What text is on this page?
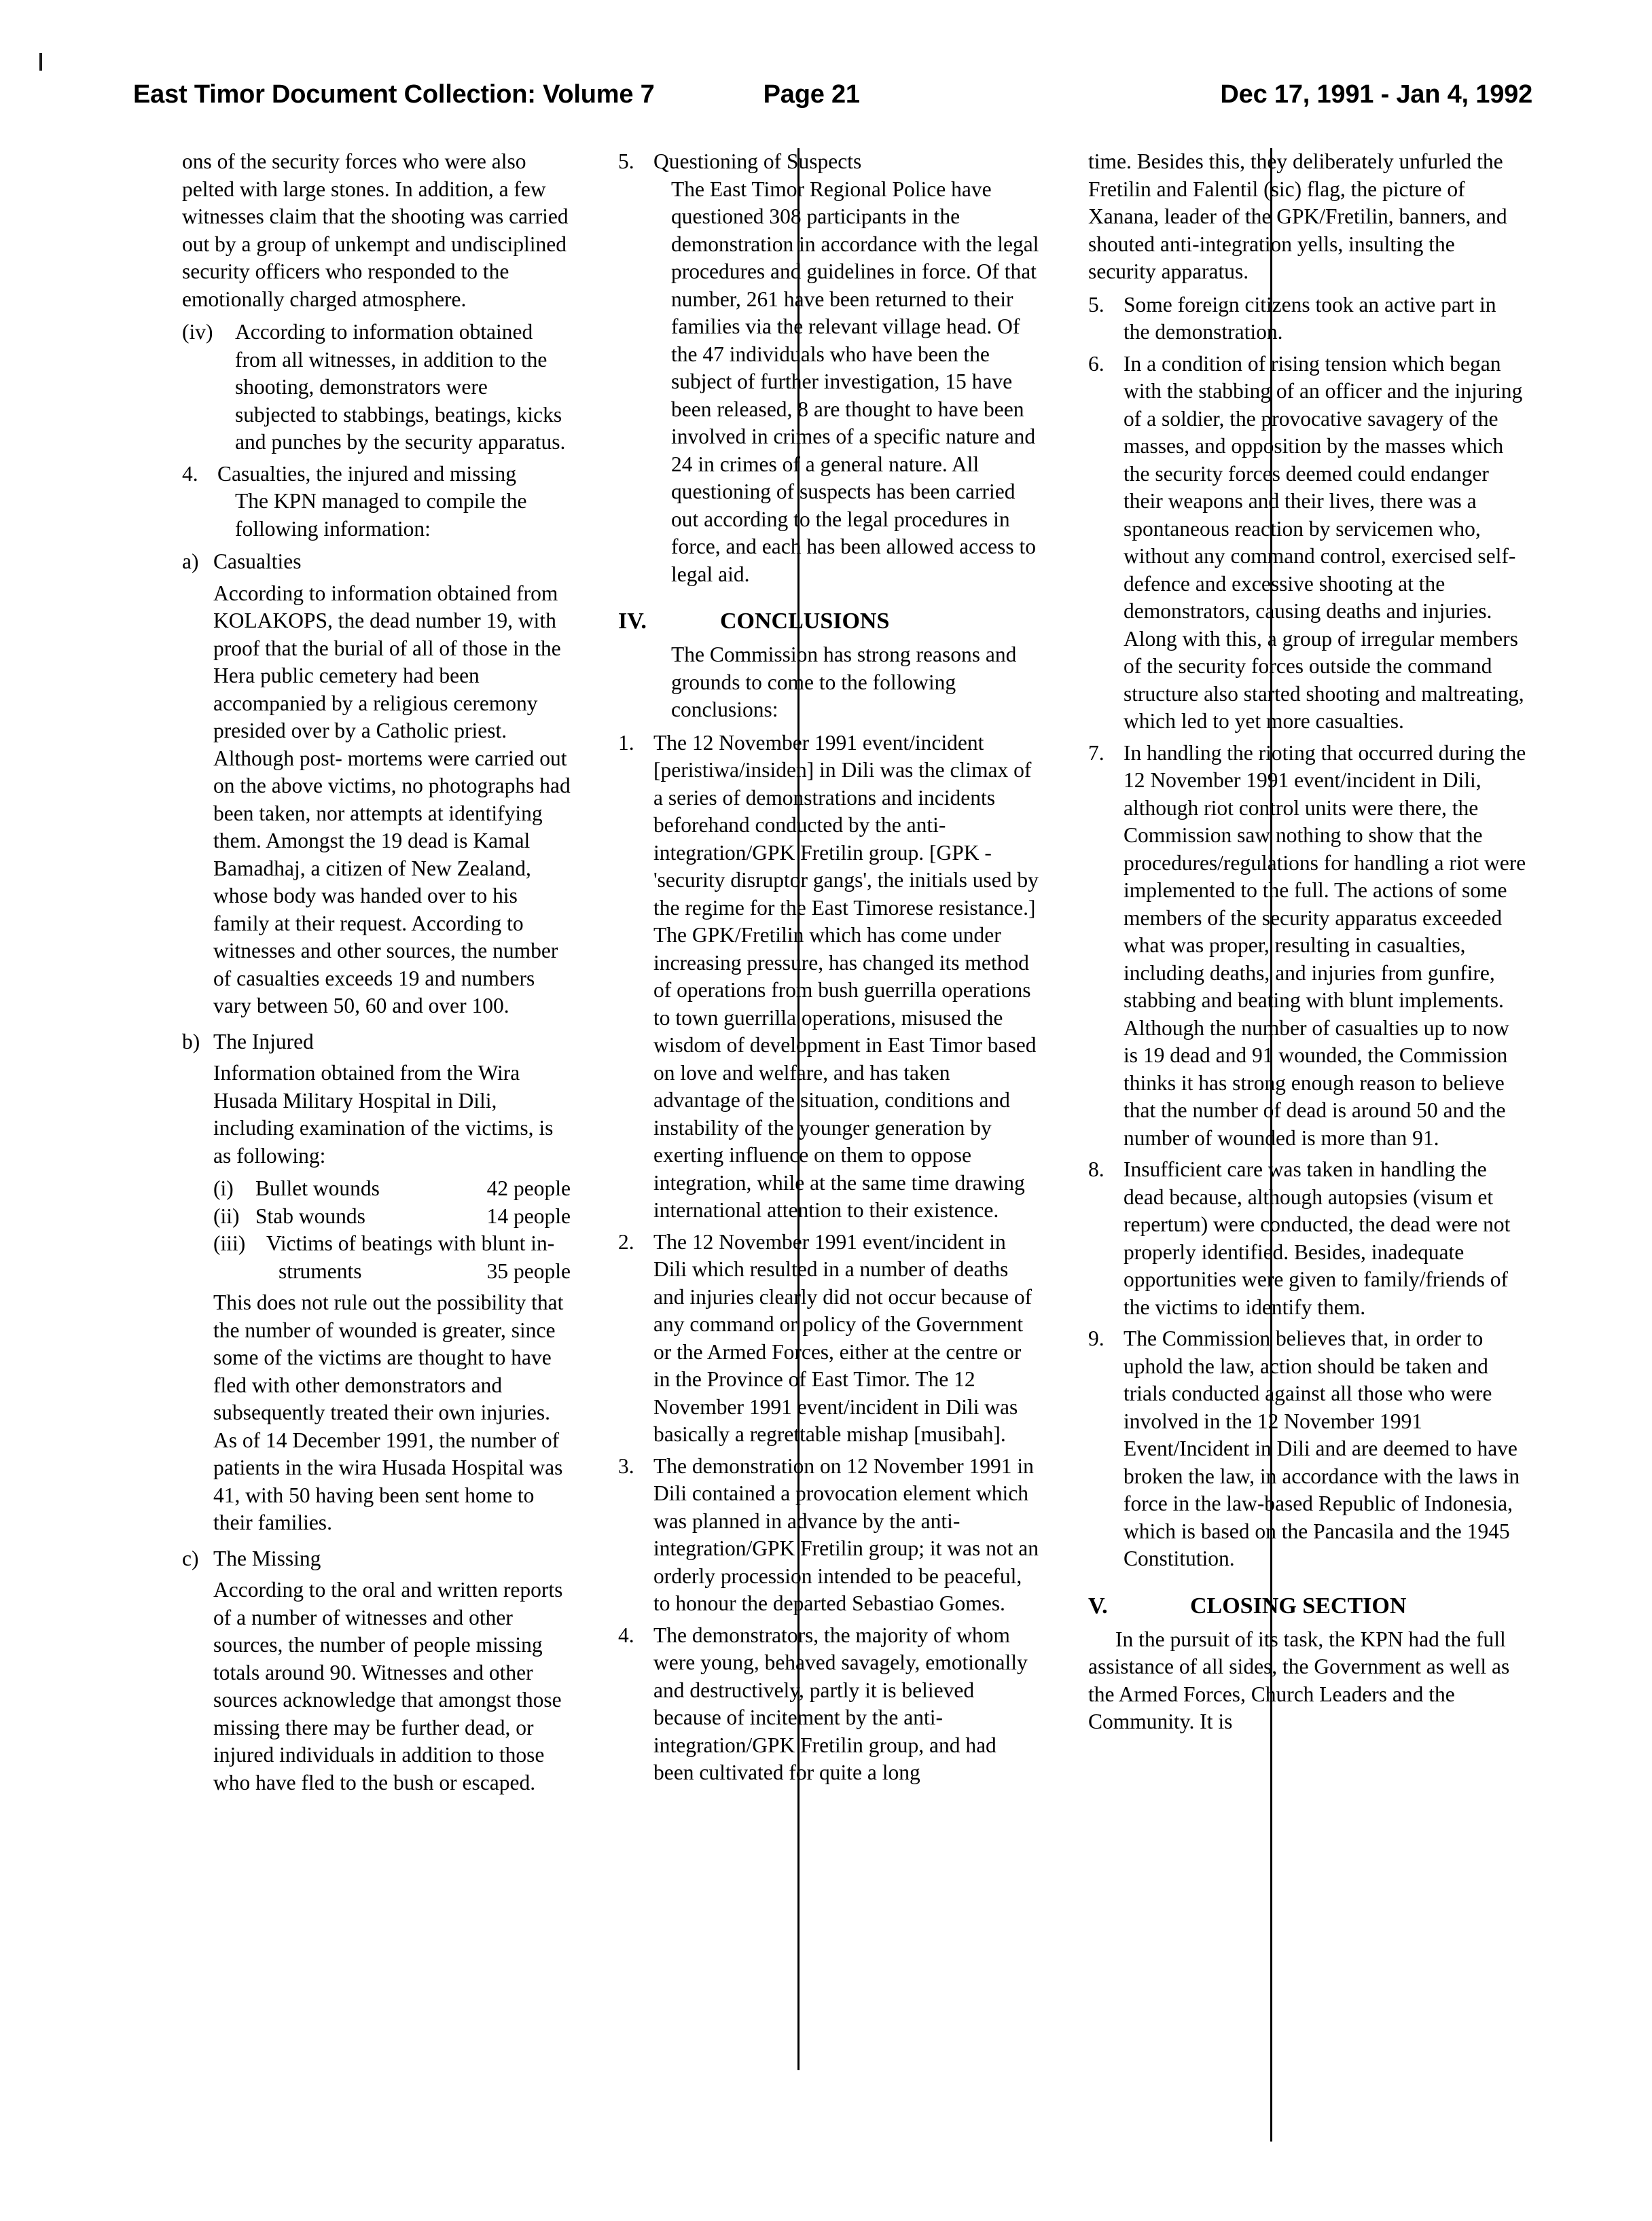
East Timor Document Collection: Volume 7	Page 21	Dec 17, 1991 - Jan 4, 1992

ons of the security forces who were also pelted with large stones. In addition, a few witnesses claim that the shooting was carried out by a group of unkempt and undisciplined security officers who responded to the emotionally charged atmosphere.

(iv)	According to information obtained from all witnesses, in addition to the shooting, demonstrators were subjected to stabbings, beatings, kicks and punches by the security apparatus.
4. Casualties, the injured and missing

The KPN managed to compile the following information:

a) Casualties

According to information obtained from KOLAKOPS, the dead number 19, with proof that the burial of all of those in the Hera public cemetery had been accompanied by a religious ceremony presided over by a Catholic priest. Although post- mortems were carried out on the above victims, no photographs had been taken, nor attempts at identifying them. Amongst the 19 dead is Kamal Bamadhaj, a citizen of New Zealand, whose body was handed over to his family at their request. According to witnesses and other sources, the number of casualties exceeds 19 and numbers vary between 50, 60 and over 100.

b) The Injured

Information obtained from the Wira Husada Military Hospital in Dili, including examination of the victims, is as following:

(i)	Bullet wounds	42 people
(ii) Stab wounds	14 people
(iii) Victims of beatings with blunt in-
struments	35 people

This does not rule out the possibility that the number of wounded is greater, since some of the victims are thought to have fled with other demonstrators and subsequently treated their own injuries. As of 14 December 1991, the number of patients in the wira Husada Hospital was 41, with 50 having been sent home to their families.

c) The Missing

According to the oral and written reports of a number of witnesses and other sources, the number of people missing totals around 90. Witnesses and other sources acknowledge that amongst those missing there may be further dead, or injured individuals in addition to those who have fled to the bush or escaped.

5. Questioning of Suspects

The East Timor Regional Police have questioned 308 participants in the demonstration in accordance with the legal procedures and guidelines in force. Of that number, 261 have been returned to their families via the relevant village head. Of the 47 individuals who have been the subject of further investigation, 15 have been released, 8 are thought to have been involved in crimes of a specific nature and 24 in crimes of a general nature. All questioning of suspects has been carried out according to the legal procedures in force, and each has been allowed access to legal aid.

IV.	CONCLUSIONS

The Commission has strong reasons and grounds to come to the following conclusions:

1. The 12 November 1991 event/incident [peristiwa/insiden] in Dili was the climax of a series of demonstrations and incidents beforehand conducted by the anti-integration/GPK Fretilin group. [GPK - 'security disruptor gangs', the initials used by the regime for the East Timorese resistance.] The GPK/Fretilin which has come under increasing pressure, has changed its method of operations from bush guerrilla operations to town guerrilla operations, misused the wisdom of development in East Timor based on love and welfare, and has taken advantage of the situation, conditions and instability of the younger generation by exerting influence on them to oppose integration, while at the same time drawing international attention to their existence.
2. The 12 November 1991 event/incident in Dili which resulted in a number of deaths and injuries clearly did not occur because of any command or policy of the Government or the Armed Forces, either at the centre or in the Province of East Timor. The 12 November 1991 event/incident in Dili was basically a regrettable mishap [musibah].
3. The demonstration on 12 November 1991 in Dili contained a provocation element which was planned in advance by the anti- integration/GPK Fretilin group; it was not an orderly procession intended to be peaceful, to honour the departed Sebastiao Gomes.
4. The demonstrators, the majority of whom were young, behaved savagely, emotionally and destructively, partly it is believed because of incitement by the anti-integration/GPK Fretilin group, and had been cultivated for quite a long

time. Besides this, they deliberately unfurled the Fretilin and Falentil (sic) flag, the picture of Xanana, leader of the GPK/Fretilin, banners, and shouted anti-integration yells, insulting the security apparatus.

5. Some foreign citizens took an active part in the demonstration.
6. In a condition of rising tension which began with the stabbing of an officer and the injuring of a soldier, the provocative savagery of the masses, and opposition by the masses which the security forces deemed could endanger their weapons and their lives, there was a spontaneous reaction by servicemen who, without any command control, exercised self-defence and excessive shooting at the demonstrators, causing deaths and injuries. Along with this, a group of irregular members of the security forces outside the command structure also started shooting and maltreating, which led to yet more casualties.
7. In handling the rioting that occurred during the 12 November 1991 event/incident in Dili, although riot control units were there, the Commission saw nothing to show that the procedures/regulations for handling a riot were implemented to the full. The actions of some members of the security apparatus exceeded what was proper, resulting in casualties, including deaths, and injuries from gunfire, stabbing and beating with blunt implements. Although the number of casualties up to now is 19 dead and 91 wounded, the Commission thinks it has strong enough reason to believe that the number of dead is around 50 and the number of wounded is more than 91.
8. Insufficient care was taken in handling the dead because, although autopsies (visum et repertum) were conducted, the dead were not properly identified. Besides, inadequate opportunities were given to family/friends of the victims to identify them.
9. The Commission believes that, in order to uphold the law, action should be taken and trials conducted against all those who were involved in the 12 November 1991 Event/Incident in Dili and are deemed to have broken the law, in accordance with the laws in force in the law-based Republic of Indonesia, which is based on the Pancasila and the 1945 Constitution.
V.	CLOSING SECTION

In the pursuit of its task, the KPN had the full assistance of all sides, the Government as well as the Armed Forces, Church Leaders and the Community. It is
